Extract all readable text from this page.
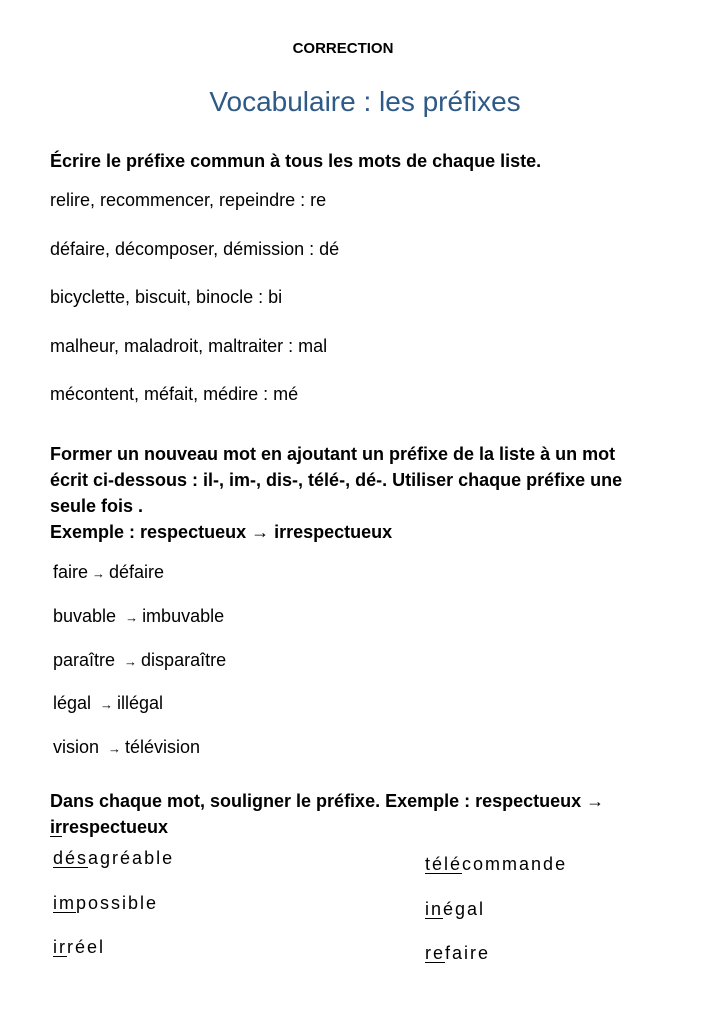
CORRECTION
Vocabulaire : les préfixes
Écrire le préfixe commun à tous les mots de chaque liste.
relire, recommencer, repeindre : re
défaire, décomposer, démission : dé
bicyclette, biscuit, binocle : bi
malheur, maladroit, maltraiter : mal
mécontent, méfait, médire : mé
Former un nouveau mot en ajoutant un préfixe de la liste à un mot
écrit ci-dessous : il-, im-, dis-, télé-, dé-. Utiliser chaque préfixe une
seule fois .
Exemple : respectueux → irrespectueux
faire → défaire
buvable → imbuvable
paraître → disparaître
légal → illégal
vision → télévision
Dans chaque mot, souligner le préfixe. Exemple : respectueux →
irrespectueux
désagréable
impossible
irréel
télécommande
inégal
refaire
